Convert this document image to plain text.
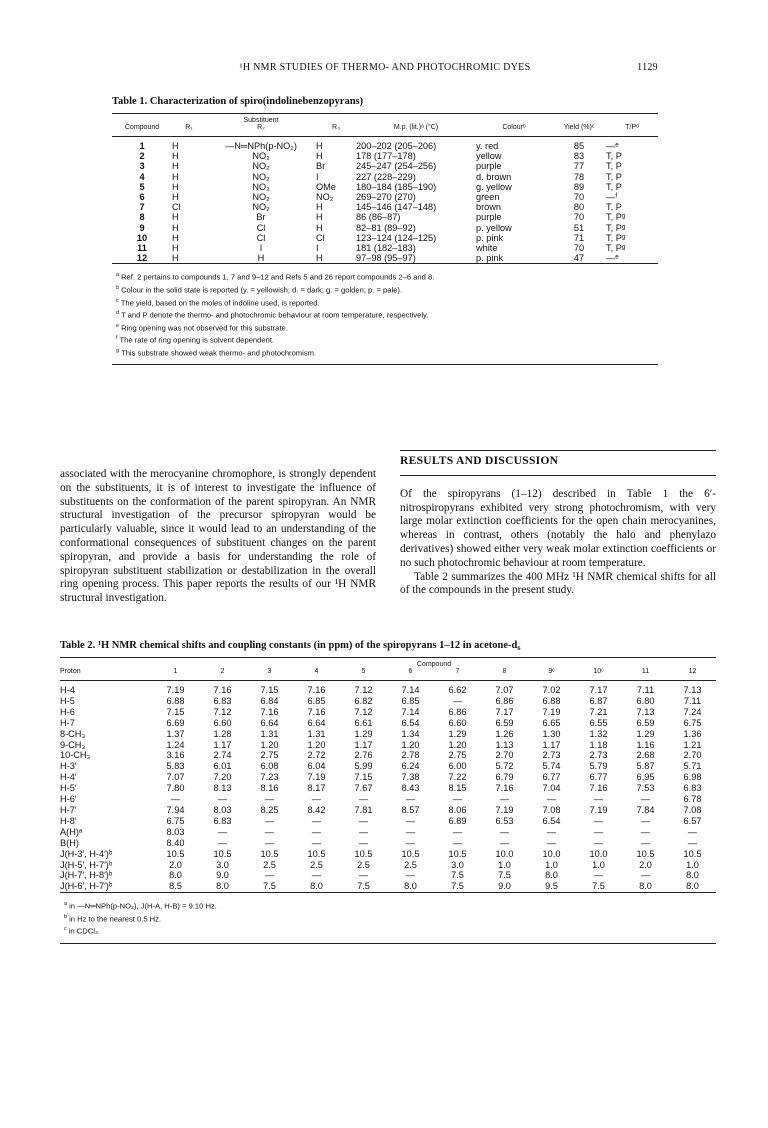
¹H NMR STUDIES OF THERMO- AND PHOTOCHROMIC DYES	1129
Table 1. Characterization of spiro(indolinebenzopyrans)
		Substituent					
Compound	R₁	R₂	R₃	M.p. (lit.)ᵃ (°C)	Colourᵇ	Yield (%)ᶜ	T/Pᵈ
1	H	—N═NPh(p-NO₂)	H	200–202 (205–206)	y. red	85	—ᵉ
2	H	NO₂	H	178 (177–178)	yellow	83	T, P
3	H	NO₂	Br	245–247 (254–256)	purple	77	T, P
4	H	NO₂	I	227 (228–229)	d. brown	78	T, P
5	H	NO₂	OMe	180–184 (185–190)	g. yellow	89	T, P
6	H	NO₂	NO₂	269–270 (270)	green	70	—ᶠ
7	Cl	NO₂	H	145–146 (147–148)	brown	80	T, P
8	H	Br	H	86 (86–87)	purple	70	T, Pᵍ
9	H	Cl	H	82–81 (89–92)	p. yellow	51	T, Pᵍ
10	H	Cl	Cl	123–124 (124–125)	p. pink	71	T, Pᵍ
11	H	I	I	181 (182–183)	white	70	T, Pᵍ
12	H	H	H	97–98 (95–97)	p. pink	47	—ᵉ
$^a$ Ref. 2 pertains to compounds 1, 7 and 9–12 and Refs 5 and 26 report compounds 2–6 and 8.
$^b$ Colour in the solid state is reported (y. = yellowish; d. = dark; g. = golden; p. = pale).
$^c$ The yield, based on the moles of indoline used, is reported.
$^d$ T and P denote the thermo- and photochromic behaviour at room temperature, respectively.
$^e$ Ring opening was not observed for this substrate.
$^f$ The rate of ring opening is solvent dependent.
$^g$ This substrate showed weak thermo- and photochromism.

associated with the merocyanine chromophore, is strongly dependent on the substituents, it is of interest to investigate the influence of substituents on the conformation of the parent spiropyran. An NMR structural investigation of the precursor spiropyran would be particularly valuable, since it would lead to an understanding of the conformational consequences of substituent changes on the parent spiropyran, and provide a basis for understanding the role of spiropyran substituent stabilization or destabilization in the overall ring opening process. This paper reports the results of our ¹H NMR structural investigation.

RESULTS AND DISCUSSION

Of the spiropyrans (1–12) described in Table 1 the 6′-nitrospiropyrans exhibited very strong photochromism, with very large molar extinction coefficients for the open chain merocyanines, whereas in contrast, others (notably the halo and phenylazo derivatives) showed either very weak molar extinction coefficients or no such photochromic behaviour at room temperature.

Table 2 summarizes the 400 MHz ¹H NMR chemical shifts for all of the compounds in the present study.

Table 2. ¹H NMR chemical shifts and coupling constants (in ppm) of the spiropyrans 1–12 in acetone-d₆
	Compound											
Proton	1	2	3	4	5	6	7	8	9ᶜ	10ᶜ	11	12
H-4	7.19	7.16	7.15	7.16	7.12	7.14	6.62	7.07	7.02	7.17	7.11	7.13
H-5	6.88	6.83	6.84	6.85	6.82	6.85	—	6.86	6.88	6.87	6.80	7.11
H-6	7.15	7.12	7.16	7.16	7.12	7.14	6.86	7.17	7.19	7.21	7.13	7.24
H-7	6.69	6.60	6.64	6.64	6.61	6.54	6.60	6.59	6.65	6.55	6.59	6.75
8-CH₃	1.37	1.28	1.31	1.31	1.29	1.34	1.29	1.26	1.30	1.32	1.29	1.36
9-CH₃	1.24	1.17	1.20	1.20	1.17	1.20	1.20	1.13	1.17	1.18	1.16	1.21
10-CH₃	3.16	2.74	2.75	2.72	2.76	2.78	2.75	2.70	2.73	2.73	2.68	2.70
H-3′	5.83	6.01	6.08	6.04	5.99	6.24	6.00	5.72	5.74	5.79	5.87	5.71
H-4′	7.07	7.20	7.23	7.19	7.15	7.38	7.22	6.79	6.77	6.77	6.95	6.98
H-5′	7.80	8.13	8.16	8.17	7.67	8.43	8.15	7.16	7.04	7.16	7.53	6.83
H-6′	—	—	—	—	—	—	—	—	—	—	—	6.78
H-7′	7.94	8.03	8.25	8.42	7.81	8.57	8.06	7.19	7.08	7.19	7.84	7.08
H-8′	6.75	6.83	—	—	—	—	6.89	6.53	6.54	—	—	6.57
A(H)ᵃ	8.03	—	—	—	—	—	—	—	—	—	—	—
B(H)	8.40	—	—	—	—	—	—	—	—	—	—	—
J(H-3′, H-4′)ᵇ	10.5	10.5	10.5	10.5	10.5	10.5	10.5	10.0	10.0	10.0	10.5	10.5
J(H-5′, H-7′)ᵇ	2.0	3.0	2.5	2.5	2.5	2.5	3.0	1.0	1.0	1.0	2.0	1.0
J(H-7′, H-8′)ᵇ	8.0	9.0	—	—	—	—	7.5	7.5	8.0	—	—	8.0
J(H-6′, H-7′)ᵇ	8.5	8.0	7.5	8.0	7.5	8.0	7.5	9.0	9.5	7.5	8.0	8.0
$^a$ in —N═NPh(p-NO₂), J(H-A, H-B) = 9.10 Hz.
$^b$ in Hz to the nearest 0.5 Hz.
$^c$ in CDCl₃.
